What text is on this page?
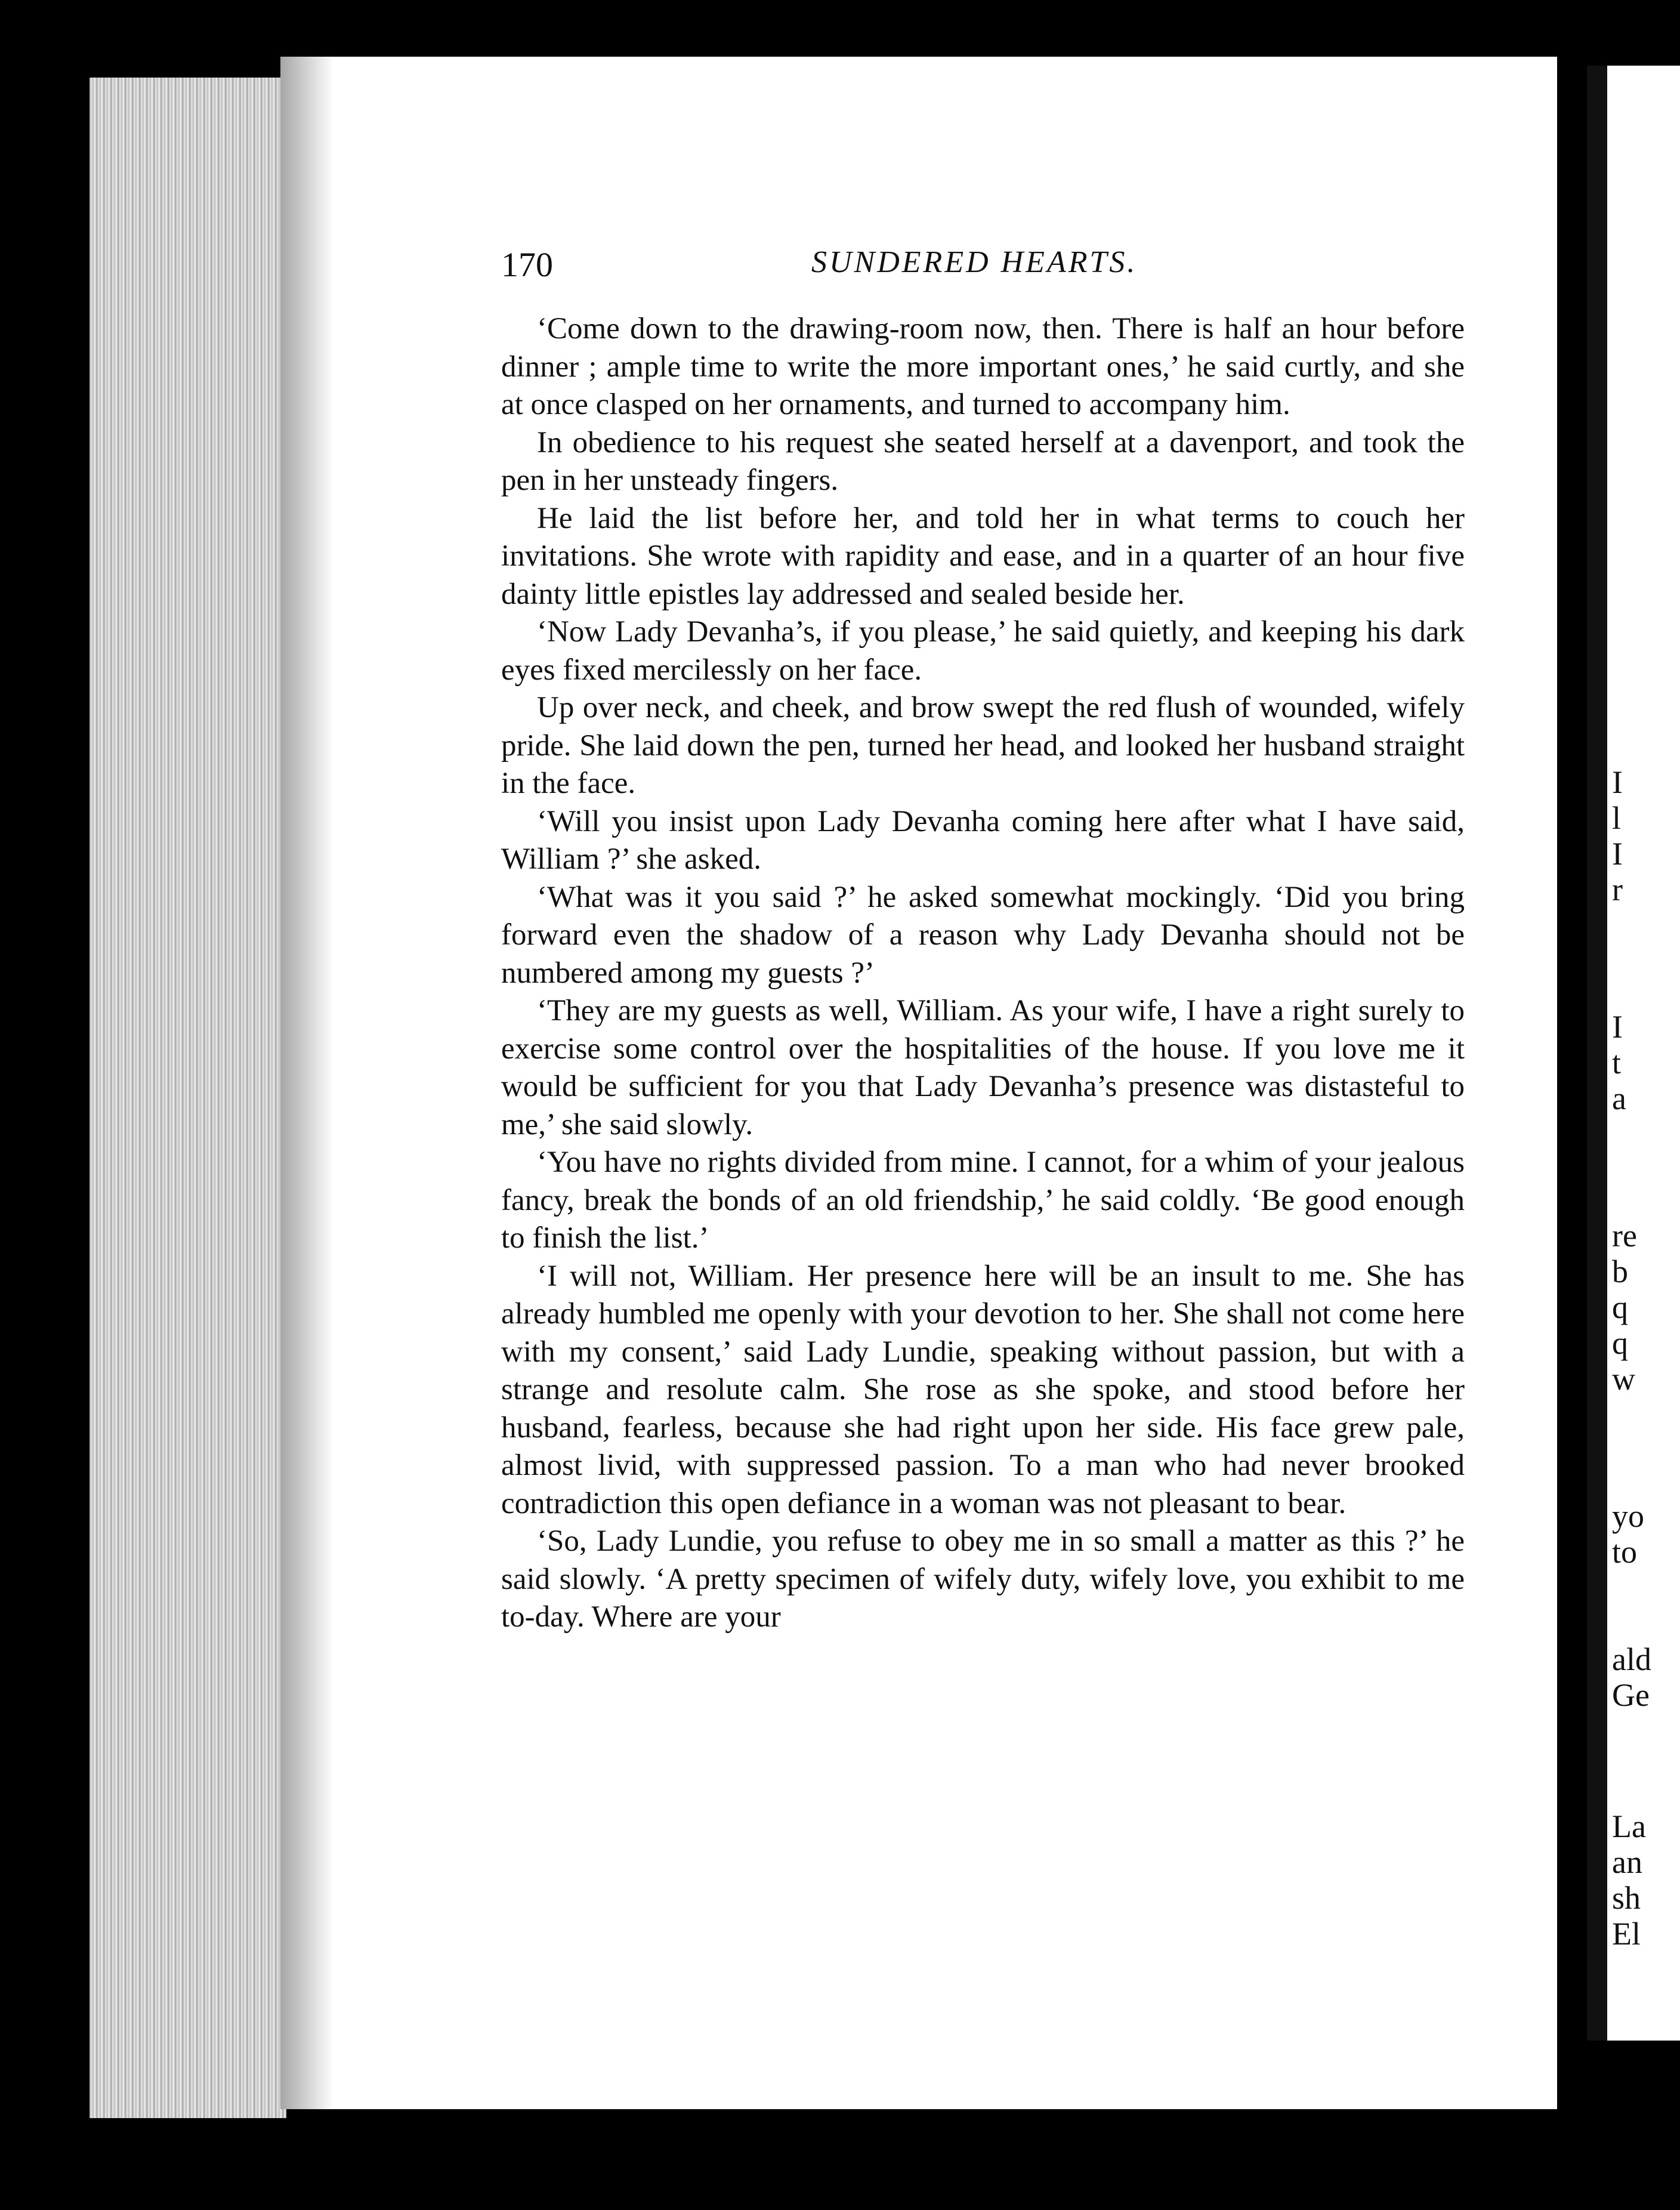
I
l
I
r
I
t
a
re
b
q
q
w
yo
to
ald
Ge
La
an
sh
El
170	SUNDERED HEARTS.

‘Come down to the drawing-room now, then. There is half an hour before dinner ; ample time to write the more important ones,’ he said curtly, and she at once clasped on her ornaments, and turned to accompany him.

In obedience to his request she seated herself at a davenport, and took the pen in her unsteady fingers.

He laid the list before her, and told her in what terms to couch her invitations. She wrote with rapidity and ease, and in a quarter of an hour five dainty little epistles lay addressed and sealed beside her.

‘Now Lady Devanha’s, if you please,’ he said quietly, and keeping his dark eyes fixed mercilessly on her face.

Up over neck, and cheek, and brow swept the red flush of wounded, wifely pride. She laid down the pen, turned her head, and looked her husband straight in the face.

‘Will you insist upon Lady Devanha coming here after what I have said, William ?’ she asked.

‘What was it you said ?’ he asked somewhat mockingly. ‘Did you bring forward even the shadow of a reason why Lady Devanha should not be numbered among my guests ?’

‘They are my guests as well, William. As your wife, I have a right surely to exercise some control over the hospitalities of the house. If you love me it would be sufficient for you that Lady Devanha’s presence was distasteful to me,’ she said slowly.

‘You have no rights divided from mine. I cannot, for a whim of your jealous fancy, break the bonds of an old friendship,’ he said coldly. ‘Be good enough to finish the list.’

‘I will not, William. Her presence here will be an insult to me. She has already humbled me openly with your devotion to her. She shall not come here with my consent,’ said Lady Lundie, speaking without passion, but with a strange and resolute calm. She rose as she spoke, and stood before her husband, fearless, because she had right upon her side. His face grew pale, almost livid, with suppressed passion. To a man who had never brooked contradiction this open defiance in a woman was not pleasant to bear.

‘So, Lady Lundie, you refuse to obey me in so small a matter as this ?’ he said slowly. ‘A pretty specimen of wifely duty, wifely love, you exhibit to me to-day. Where are your
